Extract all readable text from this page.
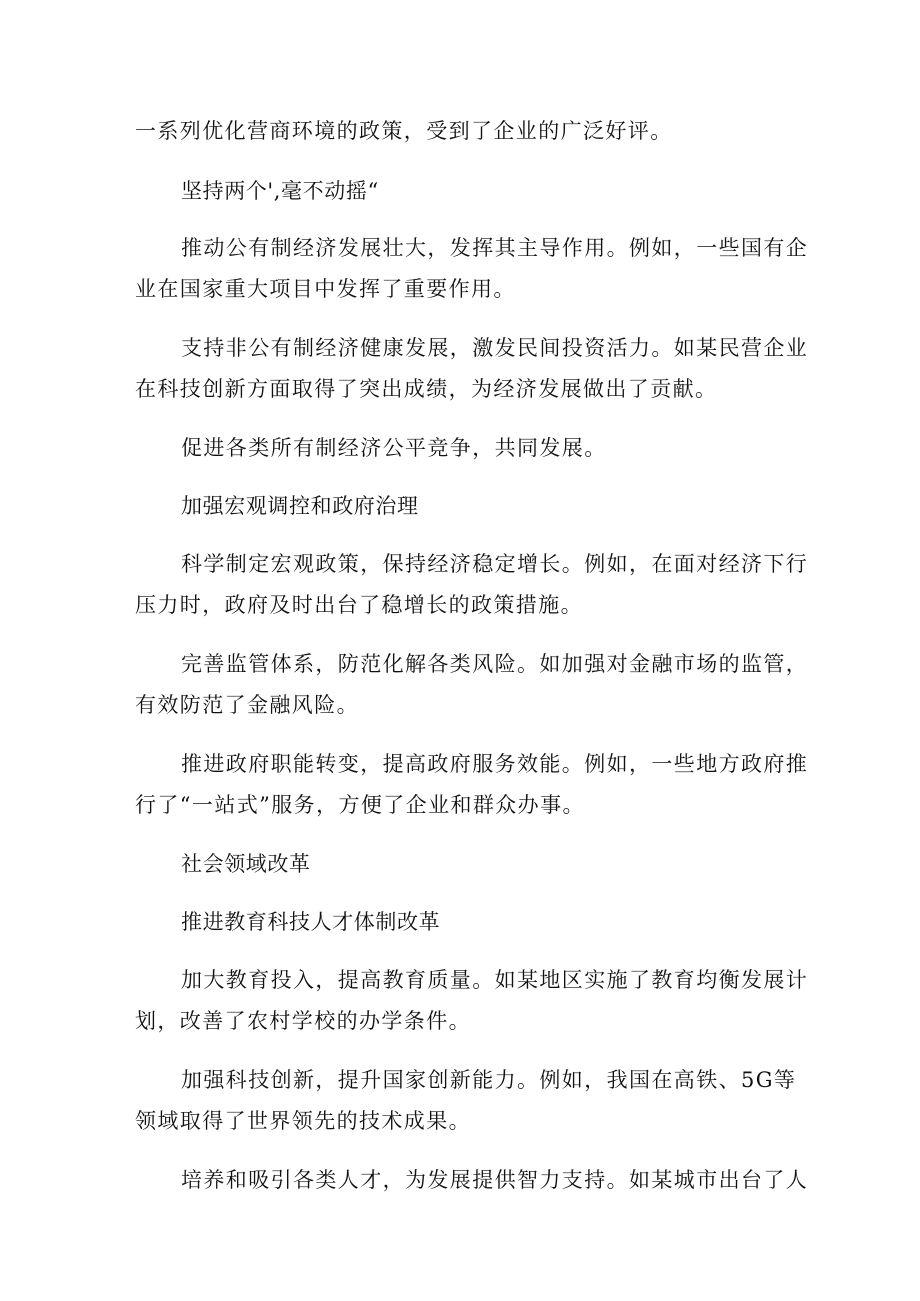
一系列优化营商环境的政策，受到了企业的广泛好评。
坚持两个',毫不动摇“
推动公有制经济发展壮大，发挥其主导作用。例如，一些国有企
业在国家重大项目中发挥了重要作用。
支持非公有制经济健康发展，激发民间投资活力。如某民营企业
在科技创新方面取得了突出成绩，为经济发展做出了贡献。
促进各类所有制经济公平竞争，共同发展。
加强宏观调控和政府治理
科学制定宏观政策，保持经济稳定增长。例如，在面对经济下行
压力时，政府及时出台了稳增长的政策措施。
完善监管体系，防范化解各类风险。如加强对金融市场的监管，
有效防范了金融风险。
推进政府职能转变，提高政府服务效能。例如，一些地方政府推
行了“一站式”服务，方便了企业和群众办事。
社会领域改革
推进教育科技人才体制改革
加大教育投入，提高教育质量。如某地区实施了教育均衡发展计
划，改善了农村学校的办学条件。
加强科技创新，提升国家创新能力。例如，我国在高铁、5G等
领域取得了世界领先的技术成果。
培养和吸引各类人才，为发展提供智力支持。如某城市出台了人
